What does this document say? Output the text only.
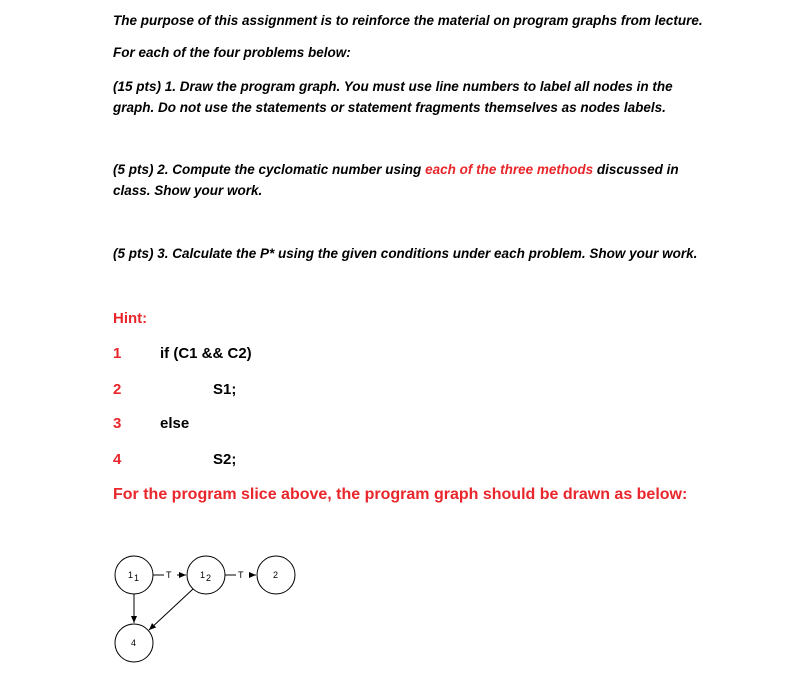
The purpose of this assignment is to reinforce the material on program graphs from lecture.
For each of the four problems below:
(15 pts) 1. Draw the program graph. You must use line numbers to label all nodes in the
graph. Do not use the statements or statement fragments themselves as nodes labels.
(5 pts) 2. Compute the cyclomatic number using each of the three methods discussed in
class. Show your work.
(5 pts) 3. Calculate the P* using the given conditions under each problem. Show your work.
Hint:
1	if (C1 && C2)
2	S1;
3	else
4	S2;
For the program slice above, the program graph should be drawn as below:
1 1	1 2	2
4
T	T
